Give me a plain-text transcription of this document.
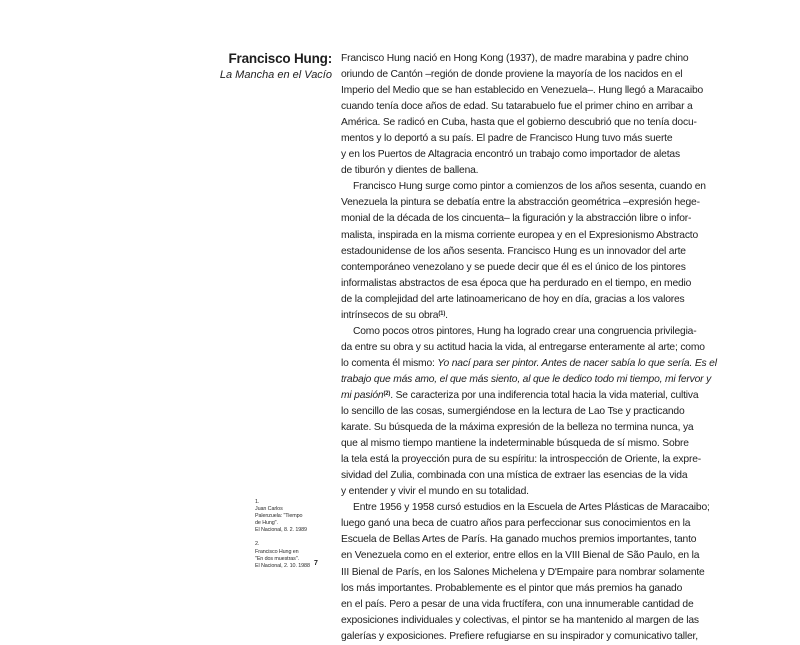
Francisco Hung:
La Mancha en el Vacío
Francisco Hung nació en Hong Kong (1937), de madre marabina y padre chino
oriundo de Cantón –región de donde proviene la mayoría de los nacidos en el
Imperio del Medio que se han establecido en Venezuela–. Hung llegó a Maracaibo
cuando tenía doce años de edad. Su tatarabuelo fue el primer chino en arribar a
América. Se radicó en Cuba, hasta que el gobierno descubrió que no tenía docu-
mentos y lo deportó a su país. El padre de Francisco Hung tuvo más suerte
y en los Puertos de Altagracia encontró un trabajo como importador de aletas
de tiburón y dientes de ballena.
Francisco Hung surge como pintor a comienzos de los años sesenta, cuando en
Venezuela la pintura se debatía entre la abstracción geométrica –expresión hege-
monial de la década de los cincuenta– la figuración y la abstracción libre o infor-
malista, inspirada en la misma corriente europea y en el Expresionismo Abstracto
estadounidense de los años sesenta. Francisco Hung es un innovador del arte
contemporáneo venezolano y se puede decir que él es el único de los pintores
informalistas abstractos de esa época que ha perdurado en el tiempo, en medio
de la complejidad del arte latinoamericano de hoy en día, gracias a los valores
intrínsecos de su obra$^{(1)}$.
Como pocos otros pintores, Hung ha logrado crear una congruencia privilegia-
da entre su obra y su actitud hacia la vida, al entregarse enteramente al arte; como
lo comenta él mismo: Yo nací para ser pintor. Antes de nacer sabía lo que sería. Es el
trabajo que más amo, el que más siento, al que le dedico todo mi tiempo, mi fervor y
mi pasión$^{(2)}$. Se caracteriza por una indiferencia total hacia la vida material, cultiva
lo sencillo de las cosas, sumergiéndose en la lectura de Lao Tse y practicando
karate. Su búsqueda de la máxima expresión de la belleza no termina nunca, ya
que al mismo tiempo mantiene la indeterminable búsqueda de sí mismo. Sobre
la tela está la proyección pura de su espíritu: la introspección de Oriente, la expre-
sividad del Zulia, combinada con una mística de extraer las esencias de la vida
y entender y vivir el mundo en su totalidad.
Entre 1956 y 1958 cursó estudios en la Escuela de Artes Plásticas de Maracaibo;
luego ganó una beca de cuatro años para perfeccionar sus conocimientos en la
Escuela de Bellas Artes de París. Ha ganado muchos premios importantes, tanto
en Venezuela como en el exterior, entre ellos en la VIII Bienal de São Paulo, en la
III Bienal de París, en los Salones Michelena y D'Empaire para nombrar solamente
los más importantes. Probablemente es el pintor que más premios ha ganado
en el país. Pero a pesar de una vida fructífera, con una innumerable cantidad de
exposiciones individuales y colectivas, el pintor se ha mantenido al margen de las
galerías y exposiciones. Prefiere refugiarse en su inspirador y comunicativo taller,
1.
Juan Carlos
Palenzuela: "Tiempo
de Hung".
El Nacional, 8. 2. 1989
2.
Francisco Hung en
"En dos muestras".
El Nacional, 2. 10. 1988 7
